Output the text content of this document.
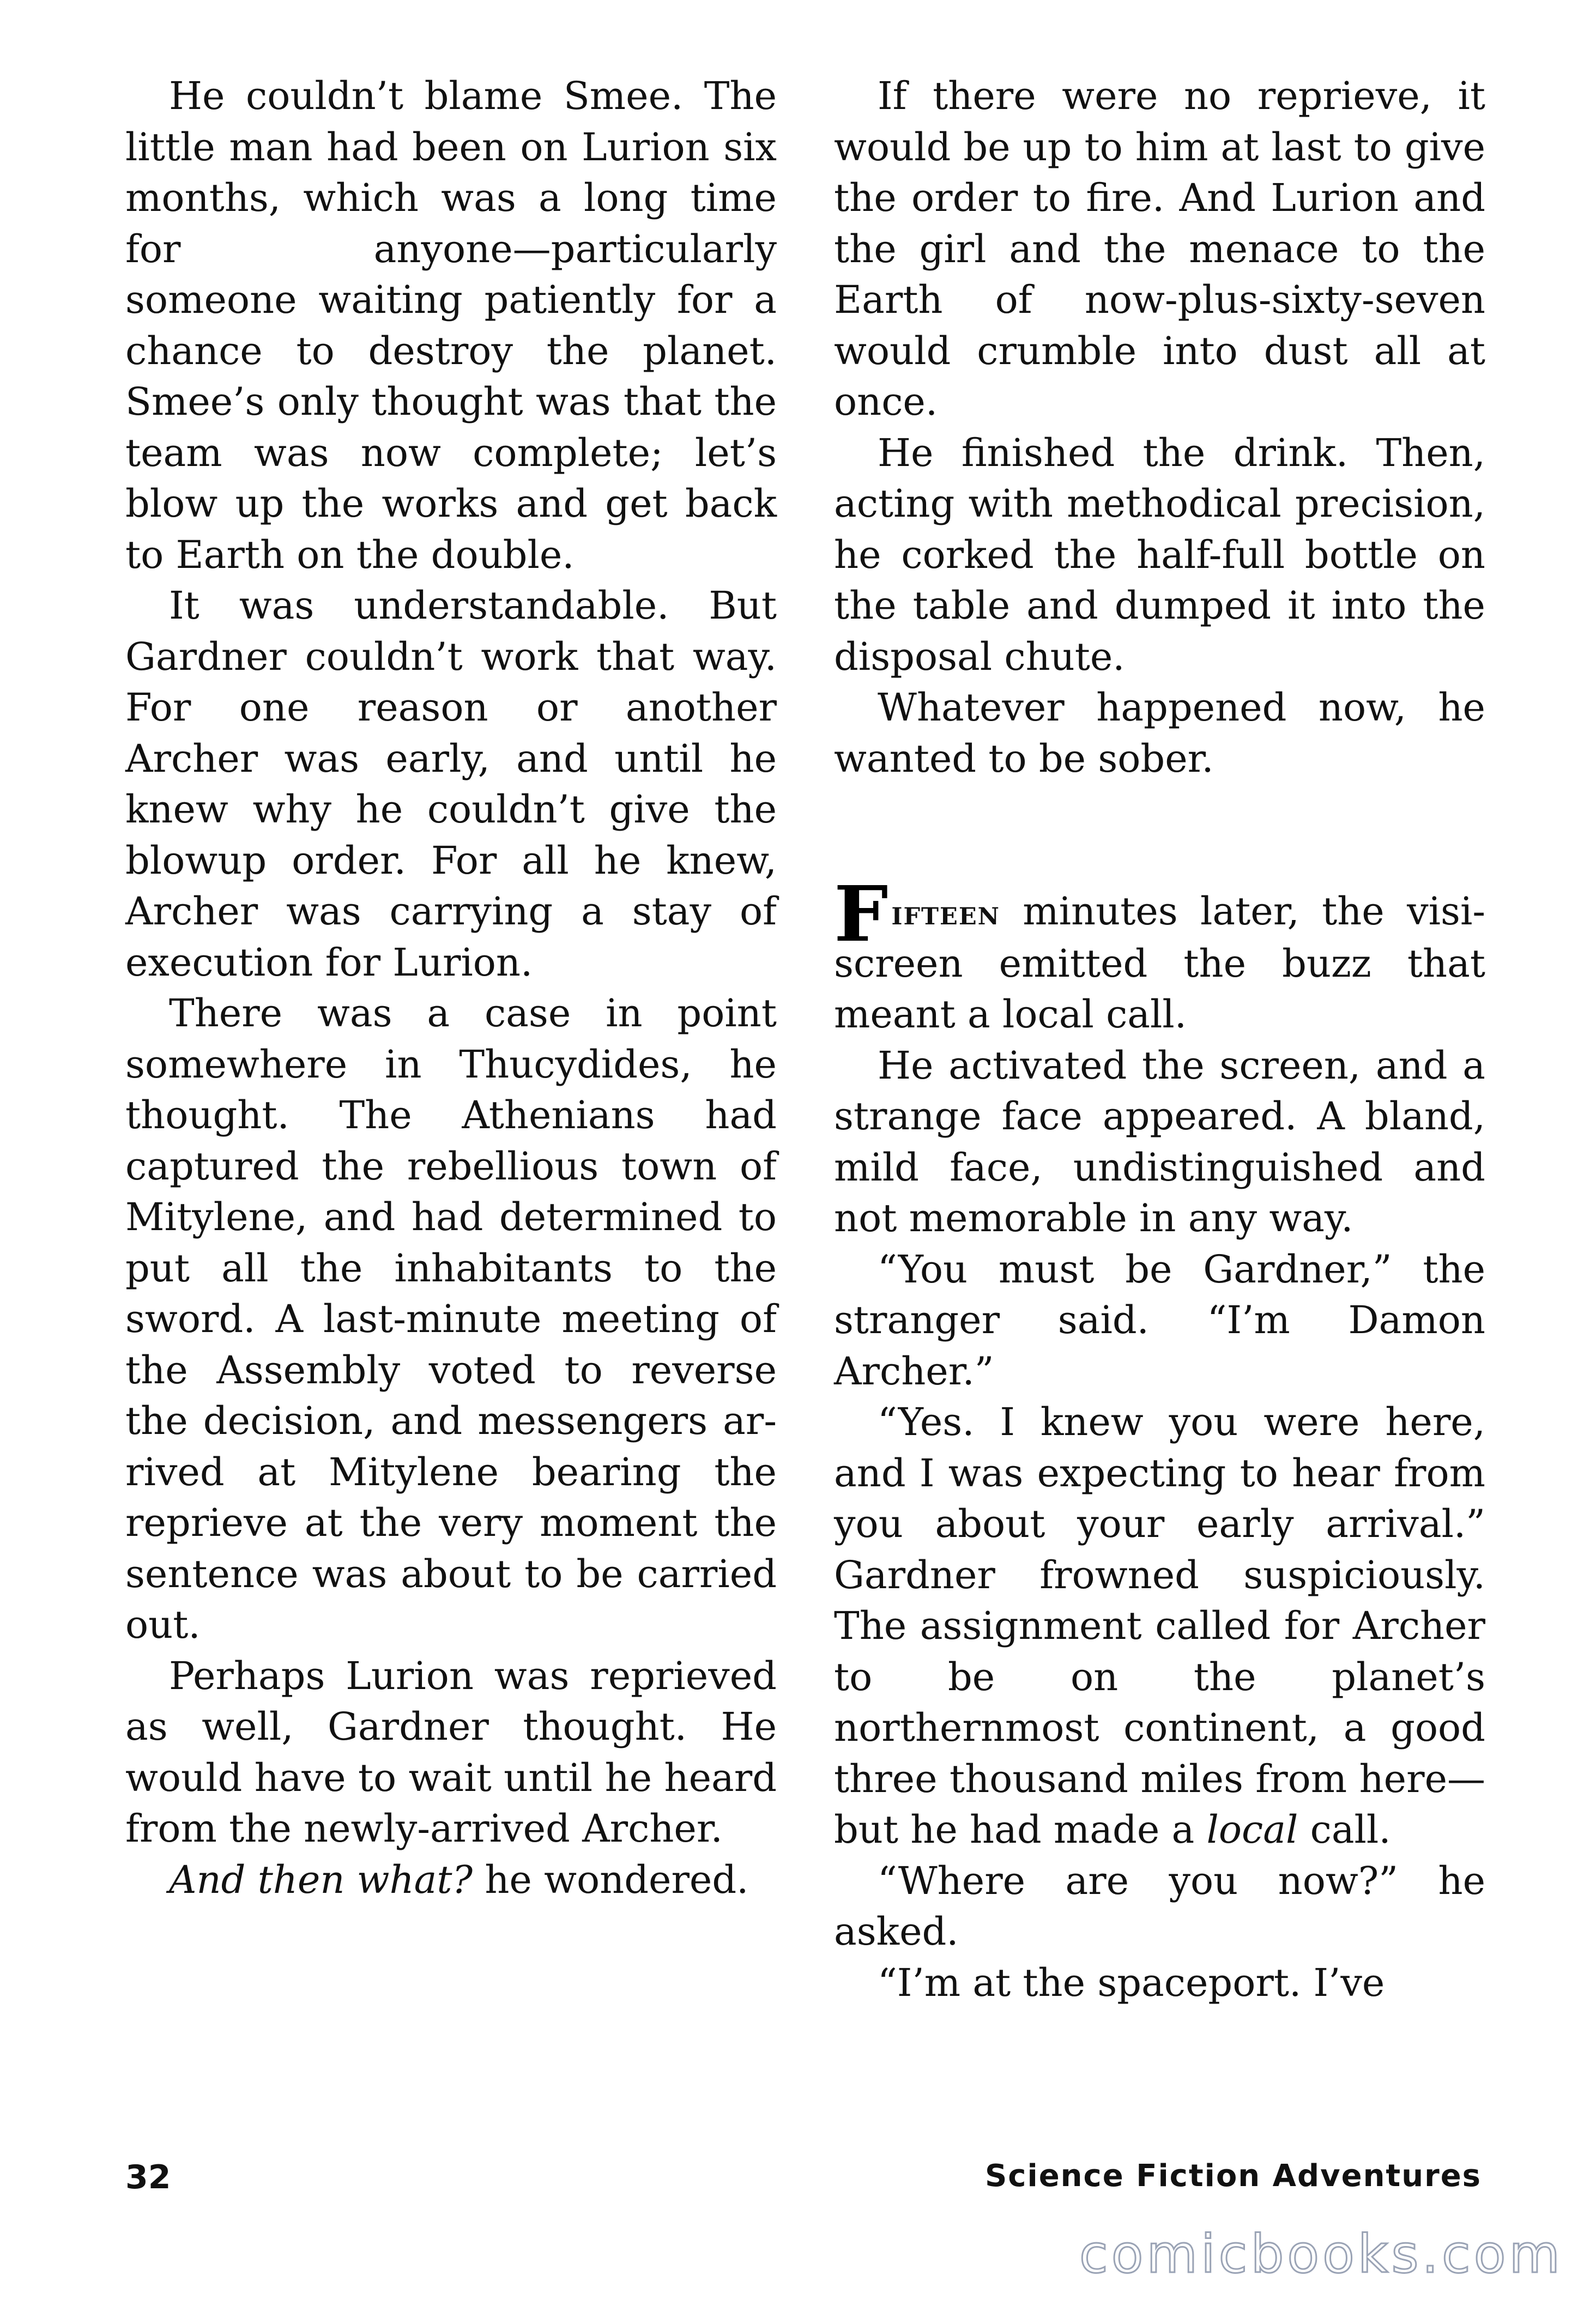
He couldn’t blame Smee. The little man had been on Lurion six months, which was a long time for anyone—particularly someone waiting patiently for a chance to destroy the planet. Smee’s only thought was that the team was now complete; let’s blow up the works and get back to Earth on the double.

It was understandable. But Gardner couldn’t work that way. For one reason or another Archer was early, and until he knew why he couldn’t give the blowup order. For all he knew, Archer was carrying a stay of execution for Lurion.

There was a case in point somewhere in Thucydides, he thought. The Athenians had captured the rebellious town of Mitylene, and had determined to put all the inhabitants to the sword. A last-minute meeting of the Assembly voted to reverse the decision, and messengers arrived at Mitylene bearing the reprieve at the very moment the sentence was about to be carried out.

Perhaps Lurion was reprieved as well, Gardner thought. He would have to wait until he heard from the newly-arrived Archer.

And then what? he wondered.

If there were no reprieve, it would be up to him at last to give the order to fire. And Lurion and the girl and the menace to the Earth of now-plus-sixty-seven would crumble into dust all at once.

He finished the drink. Then, acting with methodical precision, he corked the half-full bottle on the table and dumped it into the disposal chute.

Whatever happened now, he wanted to be sober.

Fifteen minutes later, the visi-screen emitted the buzz that meant a local call.

He activated the screen, and a strange face appeared. A bland, mild face, undistinguished and not memorable in any way.

“You must be Gardner,” the stranger said. “I’m Damon Archer.”

“Yes. I knew you were here, and I was expecting to hear from you about your early arrival.” Gardner frowned suspiciously. The assignment called for Archer to be on the planet’s northernmost continent, a good three thousand miles from here—but he had made a local call.

“Where are you now?” he asked.

“I’m at the spaceport. I’ve

32	Science Fiction Adventures
comicbooks.com
